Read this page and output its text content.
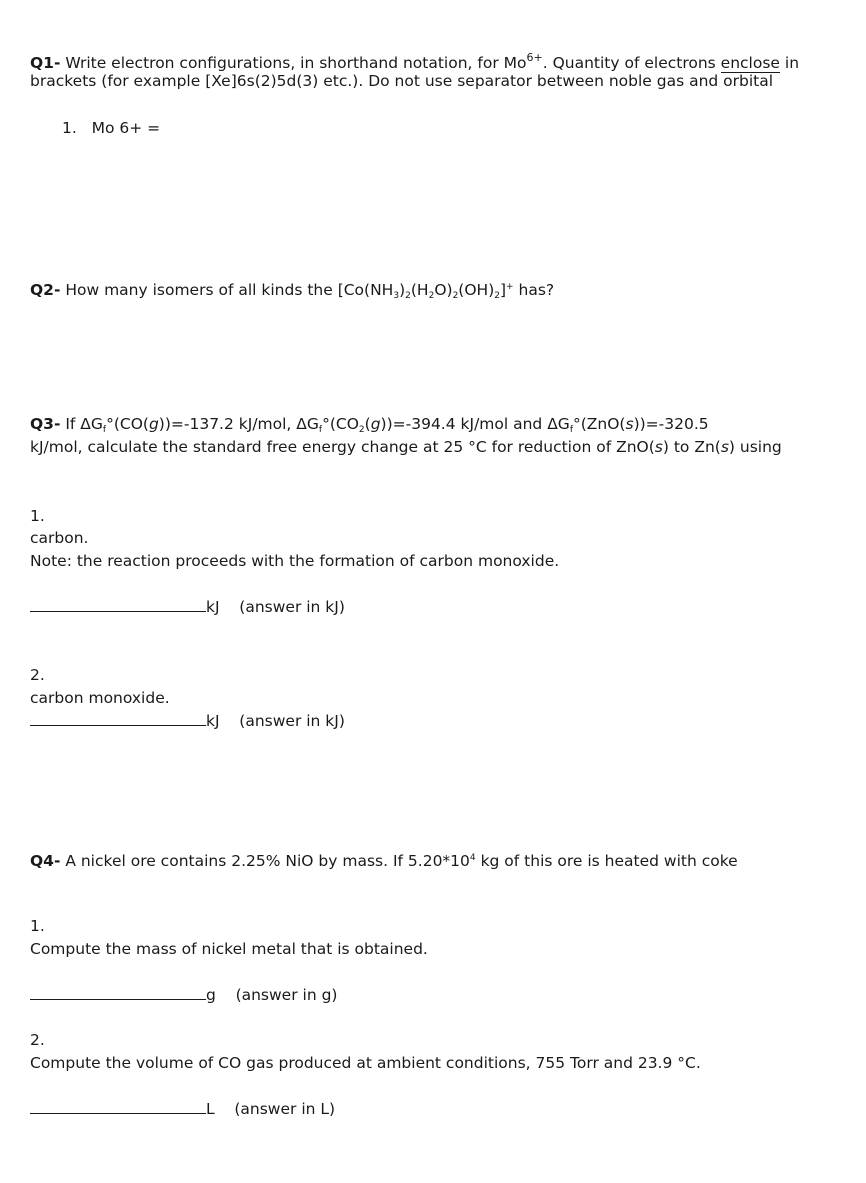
Q1- Write electron configurations, in shorthand notation, for $Mo^{6+}$. Quantity of electrons enclose in
brackets (for example [Xe]6s(2)5d(3) etc.). Do not use separator between noble gas and orbital
1. Mo 6+ =
Q2- How many isomers of all kinds the $[Co(NH_3)_2(H_2O)_2(OH)_2]^+$ has?
Q3- If $\Delta G_f^\circ(CO(g))=-137.2$ kJ/mol, $\Delta G_f^\circ(CO_2(g))=-394.4$ kJ/mol and $\Delta G_f^\circ(ZnO(s))=-320.5$
kJ/mol, calculate the standard free energy change at 25 °C for reduction of ZnO(s) to Zn(s) using
1.
carbon.
Note: the reaction proceeds with the formation of carbon monoxide.
kJ (answer in kJ)
2.
carbon monoxide.
kJ (answer in kJ)
Q4- A nickel ore contains 2.25% NiO by mass. If $5.20*10^4$ kg of this ore is heated with coke
1.
Compute the mass of nickel metal that is obtained.
g (answer in g)
2.
Compute the volume of CO gas produced at ambient conditions, 755 Torr and 23.9 °C.
L (answer in L)
